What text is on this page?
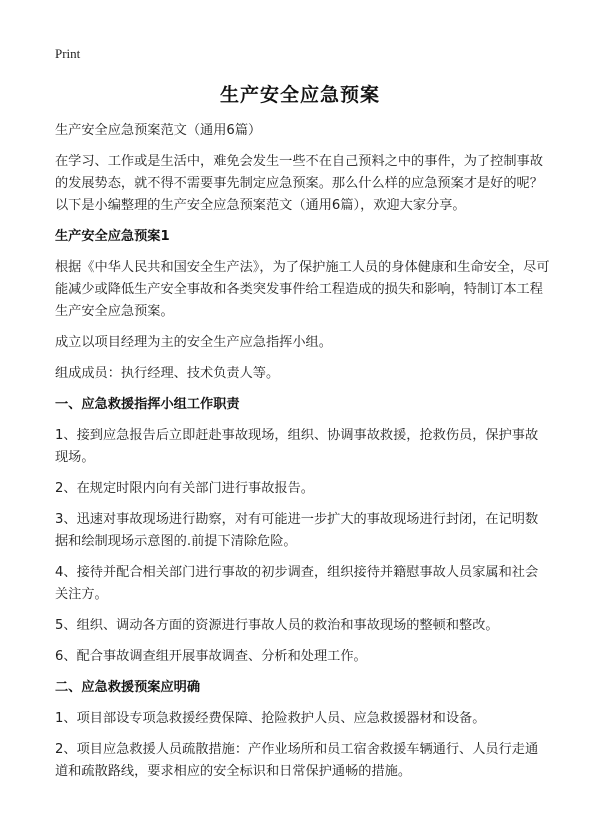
Print
生产安全应急预案

生产安全应急预案范文（通用6篇）

在学习、工作或是生活中，难免会发生一些不在自己预料之中的事件，为了控制事故的发展势态，就不得不需要事先制定应急预案。那么什么样的应急预案才是好的呢？以下是小编整理的生产安全应急预案范文（通用6篇），欢迎大家分享。

生产安全应急预案1

根据《中华人民共和国安全生产法》，为了保护施工人员的身体健康和生命安全，尽可能减少或降低生产安全事故和各类突发事件给工程造成的损失和影响，特制订本工程生产安全应急预案。

成立以项目经理为主的安全生产应急指挥小组。

组成成员：执行经理、技术负责人等。

一、应急救援指挥小组工作职责

1、接到应急报告后立即赶赴事故现场，组织、协调事故救援，抢救伤员，保护事故现场。

2、在规定时限内向有关部门进行事故报告。

3、迅速对事故现场进行勘察，对有可能进一步扩大的事故现场进行封闭，在记明数据和绘制现场示意图的.前提下清除危险。

4、接待并配合相关部门进行事故的初步调查，组织接待并籍慰事故人员家属和社会关注方。

5、组织、调动各方面的资源进行事故人员的救治和事故现场的整顿和整改。

6、配合事故调查组开展事故调查、分析和处理工作。

二、应急救援预案应明确

1、项目部设专项急救援经费保障、抢险救护人员、应急救援器材和设备。

2、项目应急救援人员疏散措施：产作业场所和员工宿舍救援车辆通行、人员行走通道和疏散路线，要求相应的安全标识和日常保护通畅的措施。
